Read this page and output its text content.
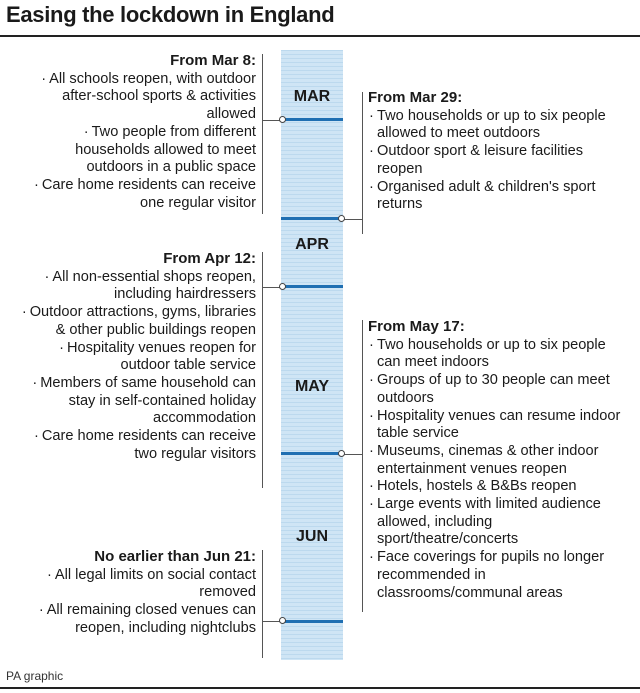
Easing the lockdown in England
MAR
APR
MAY
JUN
From Mar 8:
· All schools reopen, with outdoor after-school sports & activities allowed
· Two people from different households allowed to meet outdoors in a public space
· Care home residents can receive one regular visitor
From Mar 29:
· Two households or up to six people allowed to meet outdoors
· Outdoor sport & leisure facilities reopen
· Organised adult & children's sport returns
From Apr 12:
· All non-essential shops reopen, including hairdressers
· Outdoor attractions, gyms, libraries & other public buildings reopen
· Hospitality venues reopen for outdoor table service
· Members of same household can stay in self-contained holiday accommodation
· Care home residents can receive two regular visitors
From May 17:
· Two households or up to six people can meet indoors
· Groups of up to 30 people can meet outdoors
· Hospitality venues can resume indoor table service
· Museums, cinemas & other indoor entertainment venues reopen
· Hotels, hostels & B&Bs reopen
· Large events with limited audience allowed, including sport/theatre/concerts
· Face coverings for pupils no longer recommended in classrooms/communal areas
No earlier than Jun 21:
· All legal limits on social contact removed
· All remaining closed venues can reopen, including nightclubs
PA graphic
